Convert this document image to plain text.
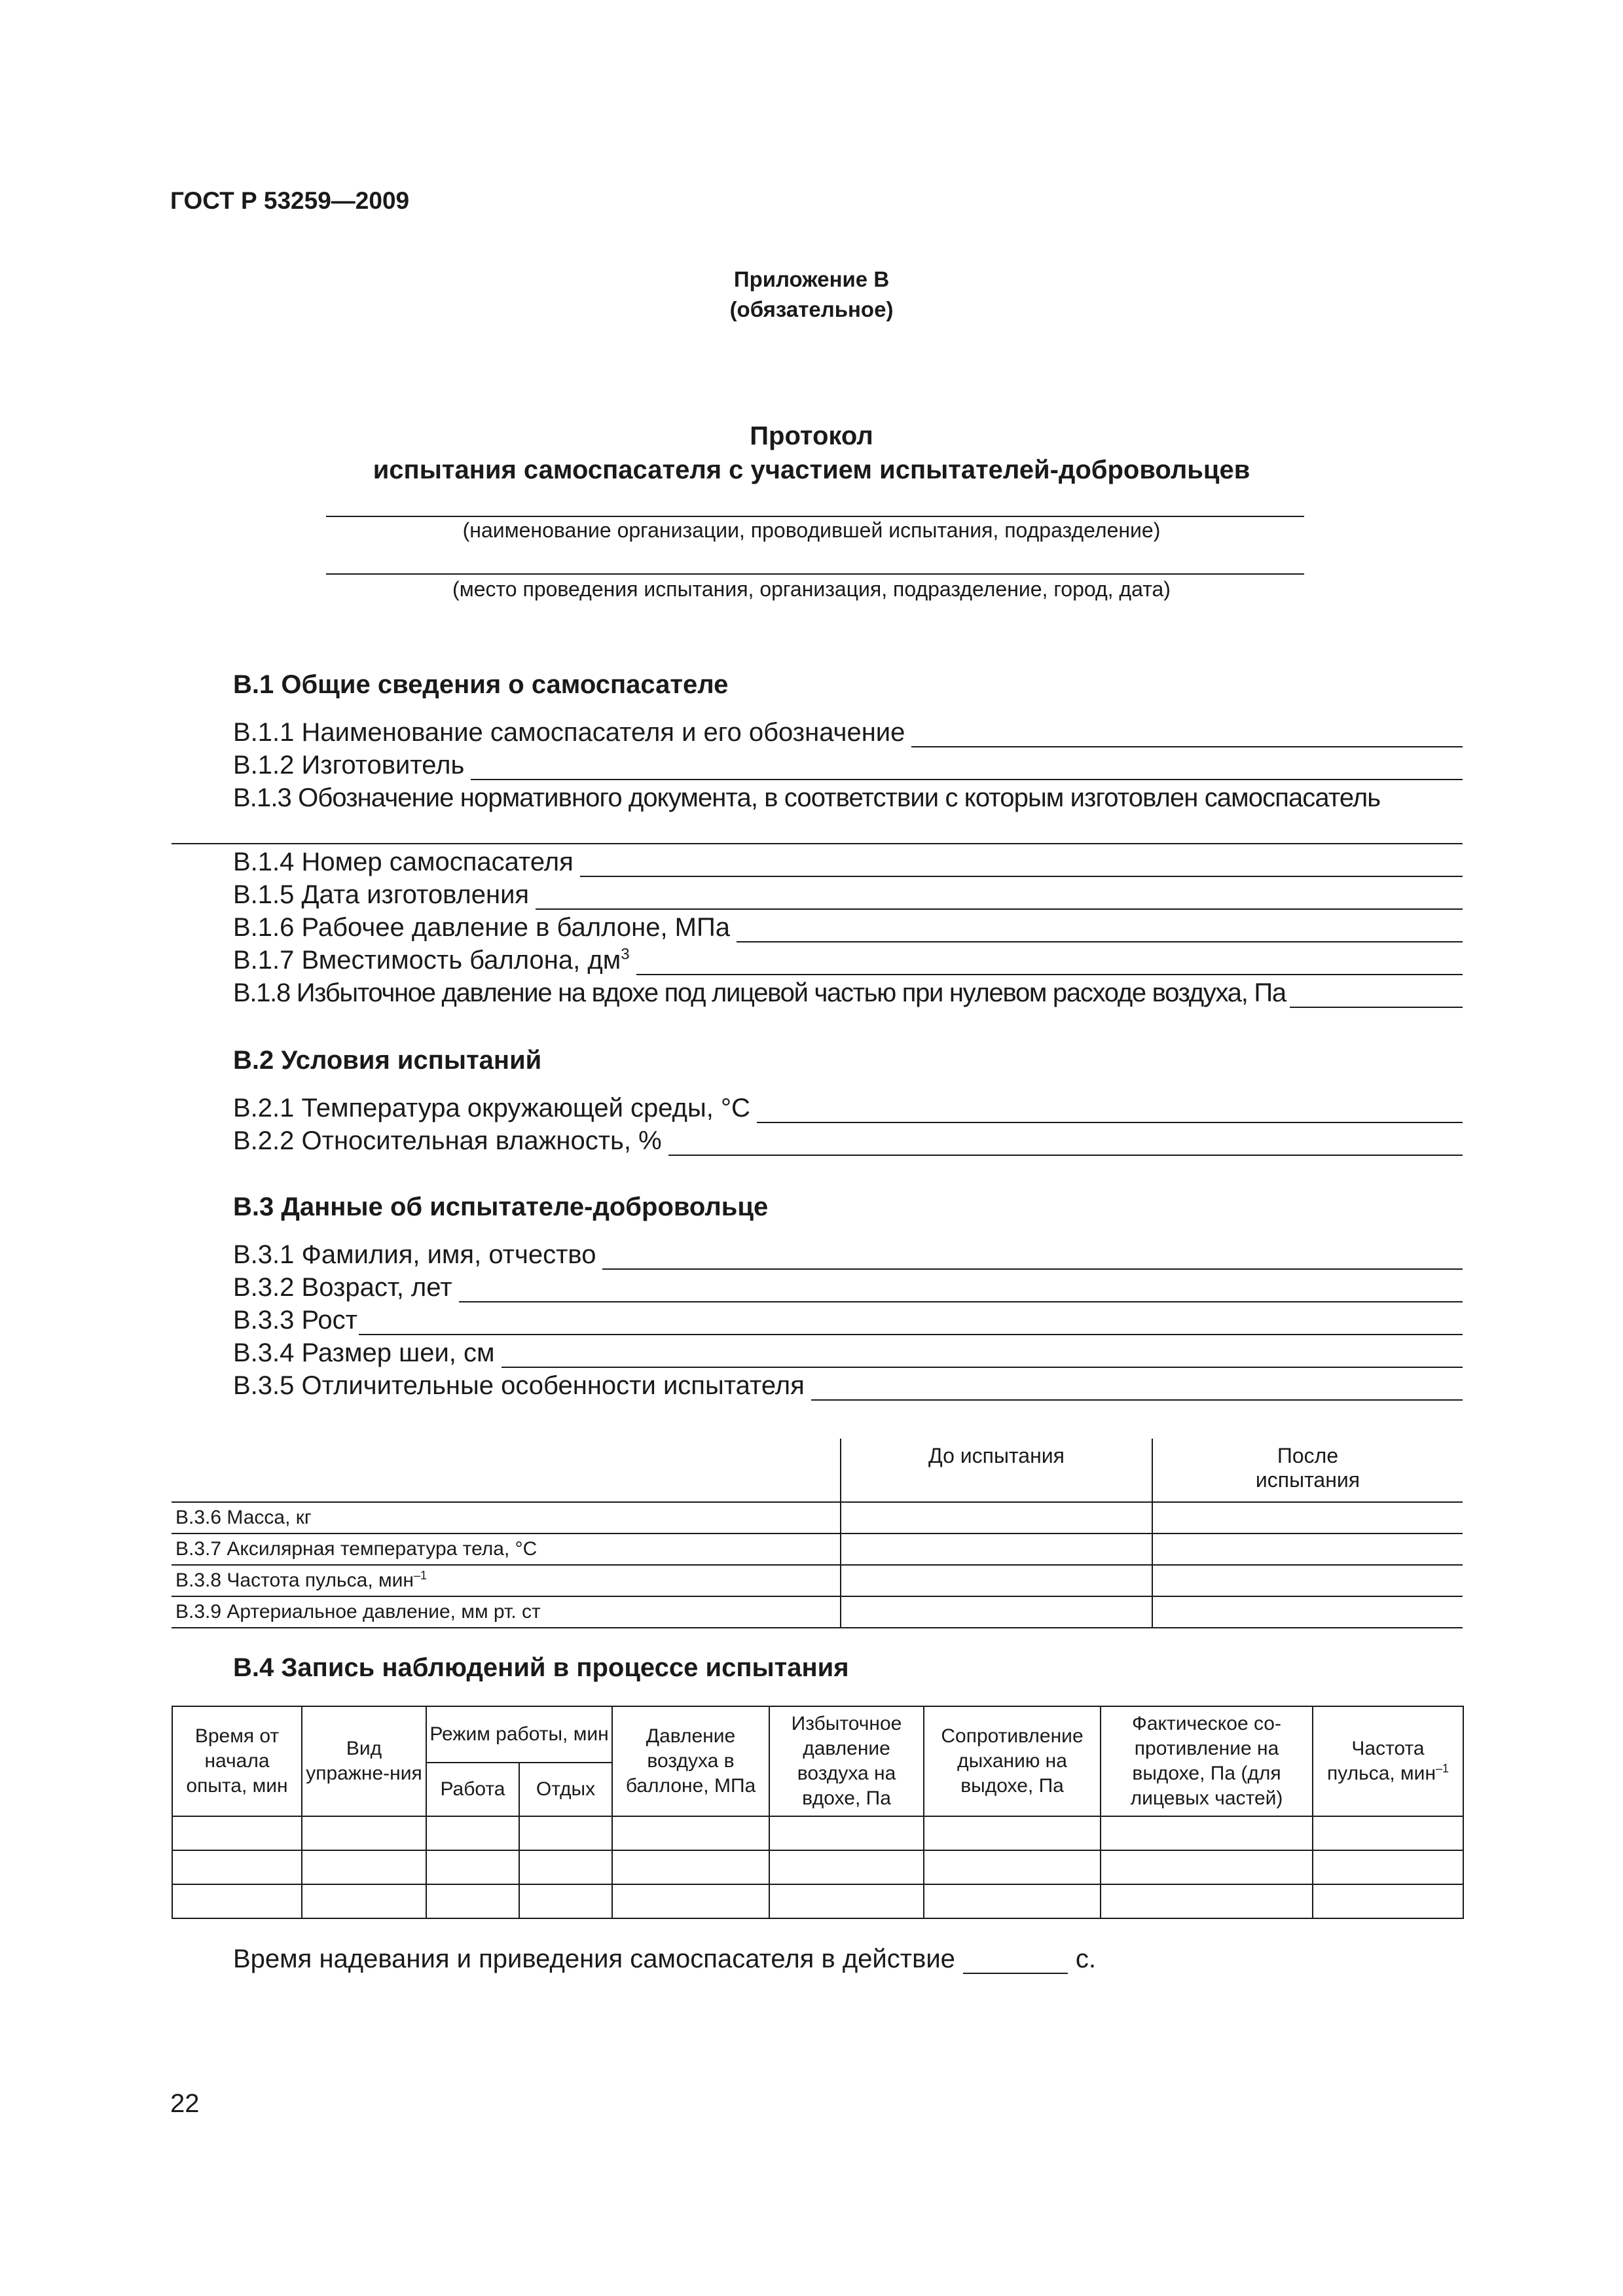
ГОСТ Р 53259—2009
Приложение В
(обязательное)
Протокол
испытания самоспасателя с участием испытателей-добровольцев
(наименование организации, проводившей испытания, подразделение)
(место проведения испытания, организация, подразделение, город, дата)
В.1 Общие сведения о самоспасателе
В.1.1 Наименование самоспасателя и его обозначение
В.1.2 Изготовитель
В.1.3 Обозначение нормативного документа, в соответствии с которым изготовлен самоспасатель
В.1.4 Номер самоспасателя
В.1.5 Дата изготовления
В.1.6 Рабочее давление в баллоне, МПа
В.1.7 Вместимость баллона, $дм^3$
В.1.8 Избыточное давление на вдохе под лицевой частью при нулевом расходе воздуха, Па
В.2 Условия испытаний
В.2.1 Температура окружающей среды, °С
В.2.2 Относительная влажность, %
В.3 Данные об испытателе-добровольце
В.3.1 Фамилия, имя, отчество
В.3.2 Возраст, лет
В.3.3 Рост
В.3.4 Размер шеи, см
В.3.5 Отличительные особенности испытателя
	До испытания	После
испытания
В.3.6 Масса, кг		
В.3.7 Аксилярная температура тела, °С		
В.3.8 Частота пульса, мин$^{-1}$		
В.3.9 Артериальное давление, мм рт. ст		
В.4 Запись наблюдений в процессе испытания
Время от начала опыта, мин	Вид упражне-ния	Режим работы, мин		Давление воздуха в баллоне, МПа	Избыточное давление воздуха на вдохе, Па	Сопротивление дыханию на выдохе, Па	Фактическое со-противление на выдохе, Па (для лицевых частей)	Частота пульса, мин$^{-1}$
		Работа	Отдых					

Время надевания и приведения самоспасателя в действие	с.
22
